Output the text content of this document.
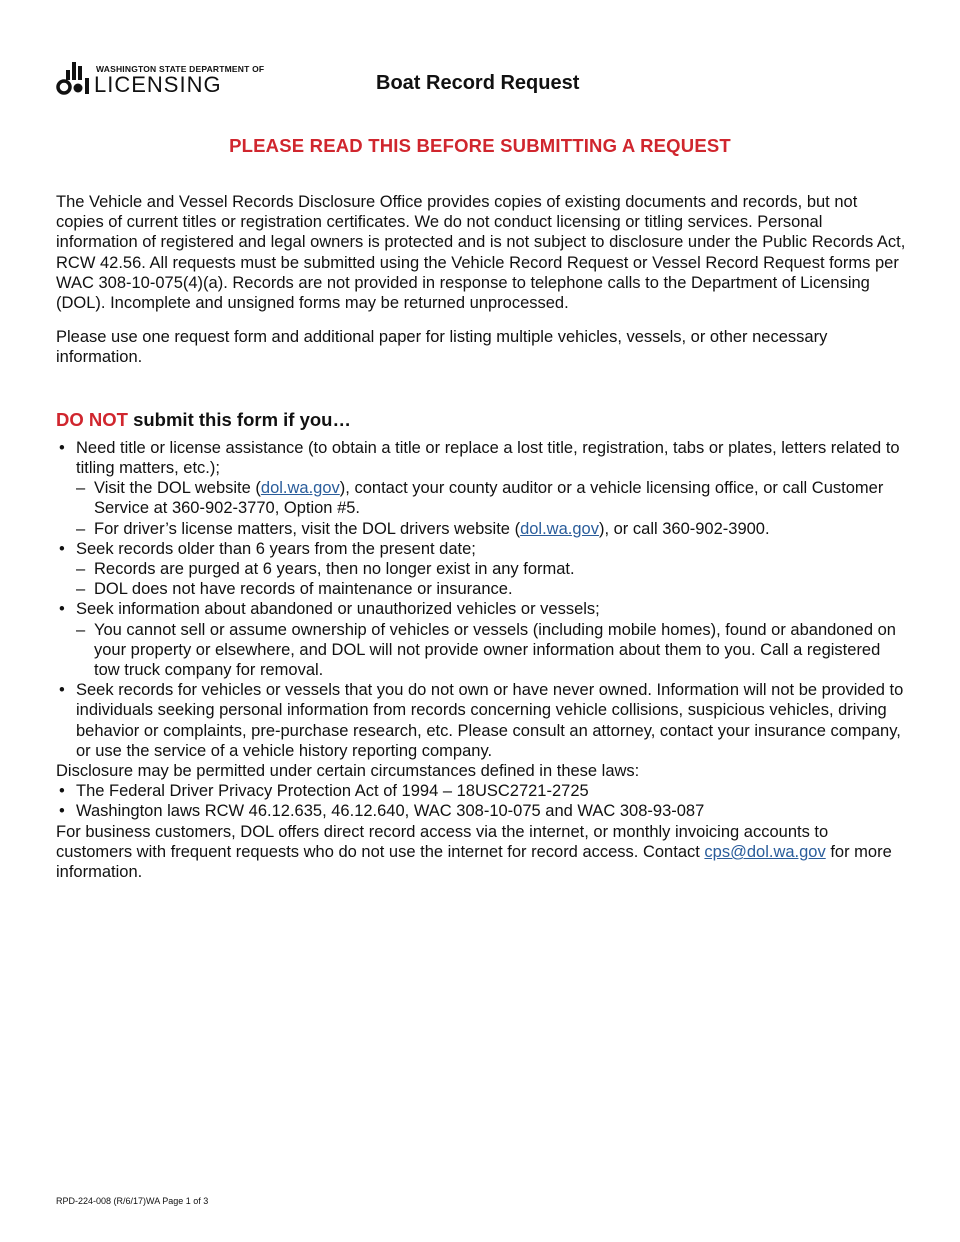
WASHINGTON STATE DEPARTMENT OF
LICENSING	Boat Record Request
PLEASE READ THIS BEFORE SUBMITTING A REQUEST

The Vehicle and Vessel Records Disclosure Office provides copies of existing documents and records, but not copies of current titles or registration certificates. We do not conduct licensing or titling services. Personal information of registered and legal owners is protected and is not subject to disclosure under the Public Records Act, RCW 42.56. All requests must be submitted using the Vehicle Record Request or Vessel Record Request forms per WAC 308-10-075(4)(a). Records are not provided in response to telephone calls to the Department of Licensing (DOL). Incomplete and unsigned forms may be returned unprocessed.

Please use one request form and additional paper for listing multiple vehicles, vessels, or other necessary information.

DO NOT submit this form if you…

• Need title or license assistance (to obtain a title or replace a lost title, registration, tabs or plates, letters related to titling matters, etc.);

– Visit the DOL website (dol.wa.gov), contact your county auditor or a vehicle licensing office, or call Customer Service at 360-902-3770, Option #5.

– For driver’s license matters, visit the DOL drivers website (dol.wa.gov), or call 360-902-3900.

• Seek records older than 6 years from the present date;

– Records are purged at 6 years, then no longer exist in any format.

– DOL does not have records of maintenance or insurance.

• Seek information about abandoned or unauthorized vehicles or vessels;

– You cannot sell or assume ownership of vehicles or vessels (including mobile homes), found or abandoned on your property or elsewhere, and DOL will not provide owner information about them to you. Call a registered tow truck company for removal.

• Seek records for vehicles or vessels that you do not own or have never owned. Information will not be provided to individuals seeking personal information from records concerning vehicle collisions, suspicious vehicles, driving behavior or complaints, pre-purchase research, etc. Please consult an attorney, contact your insurance company, or use the service of a vehicle history reporting company.

Disclosure may be permitted under certain circumstances defined in these laws:

• The Federal Driver Privacy Protection Act of 1994 – 18USC2721-2725

• Washington laws RCW 46.12.635, 46.12.640, WAC 308-10-075 and WAC 308-93-087

For business customers, DOL offers direct record access via the internet, or monthly invoicing accounts to customers with frequent requests who do not use the internet for record access. Contact cps@dol.wa.gov for more information.

RPD-224-008 (R/6/17)WA Page 1 of 3
